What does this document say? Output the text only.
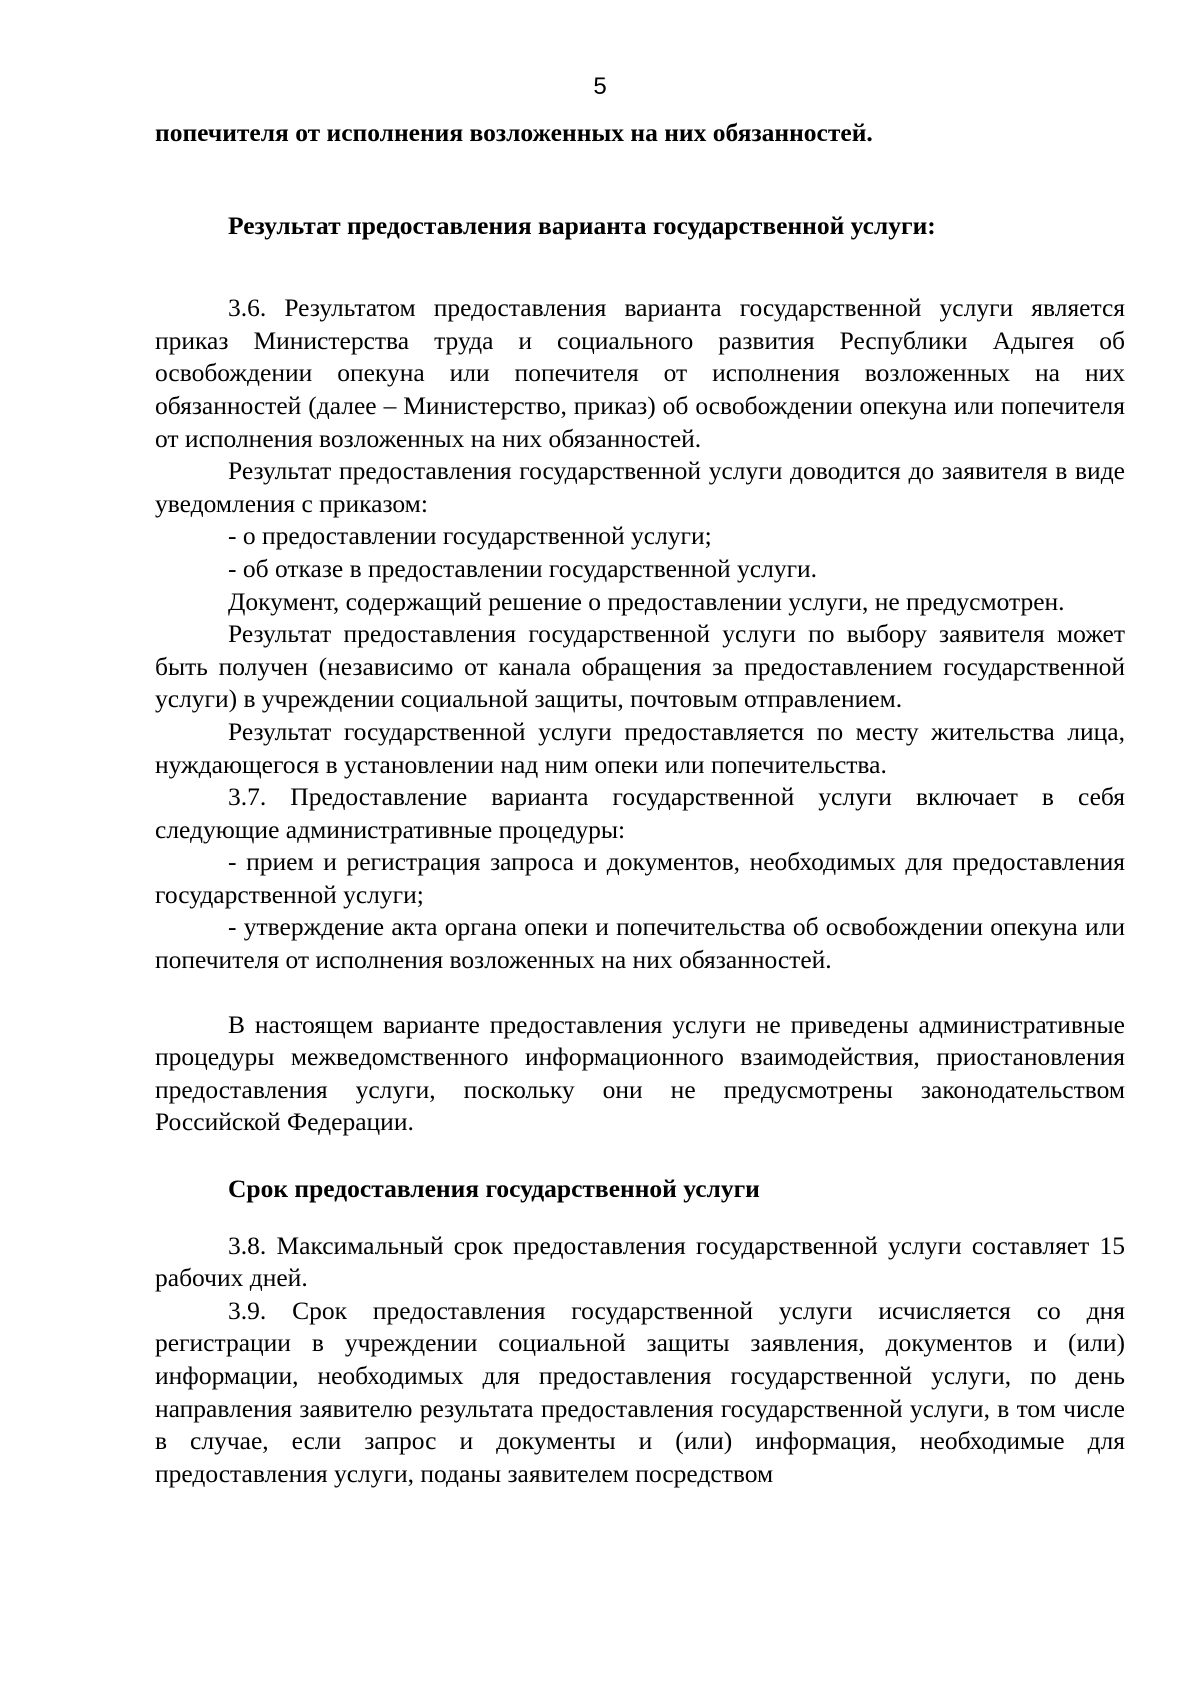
5

попечителя от исполнения возложенных на них обязанностей.

Результат предоставления варианта государственной услуги:

3.6. Результатом предоставления варианта государственной услуги является приказ Министерства труда и социального развития Республики Адыгея об освобождении опекуна или попечителя от исполнения возложенных на них обязанностей (далее – Министерство, приказ) об освобождении опекуна или попечителя от исполнения возложенных на них обязанностей.

Результат предоставления государственной услуги доводится до заявителя в виде уведомления с приказом:

- о предоставлении государственной услуги;

- об отказе в предоставлении государственной услуги.

Документ, содержащий решение о предоставлении услуги, не предусмотрен.

Результат предоставления государственной услуги по выбору заявителя может быть получен (независимо от канала обращения за предоставлением государственной услуги) в учреждении социальной защиты, почтовым отправлением.

Результат государственной услуги предоставляется по месту жительства лица, нуждающегося в установлении над ним опеки или попечительства.

3.7. Предоставление варианта государственной услуги включает в себя следующие административные процедуры:

- прием и регистрация запроса и документов, необходимых для предоставления государственной услуги;

- утверждение акта органа опеки и попечительства об освобождении опекуна или попечителя от исполнения возложенных на них обязанностей.

В настоящем варианте предоставления услуги не приведены административные процедуры межведомственного информационного взаимодействия, приостановления предоставления услуги, поскольку они не предусмотрены законодательством Российской Федерации.

Срок предоставления государственной услуги

3.8. Максимальный срок предоставления государственной услуги составляет 15 рабочих дней.

3.9. Срок предоставления государственной услуги исчисляется со дня регистрации в учреждении социальной защиты заявления, документов и (или) информации, необходимых для предоставления государственной услуги, по день направления заявителю результата предоставления государственной услуги, в том числе в случае, если запрос и документы и (или) информация, необходимые для предоставления услуги, поданы заявителем посредством
